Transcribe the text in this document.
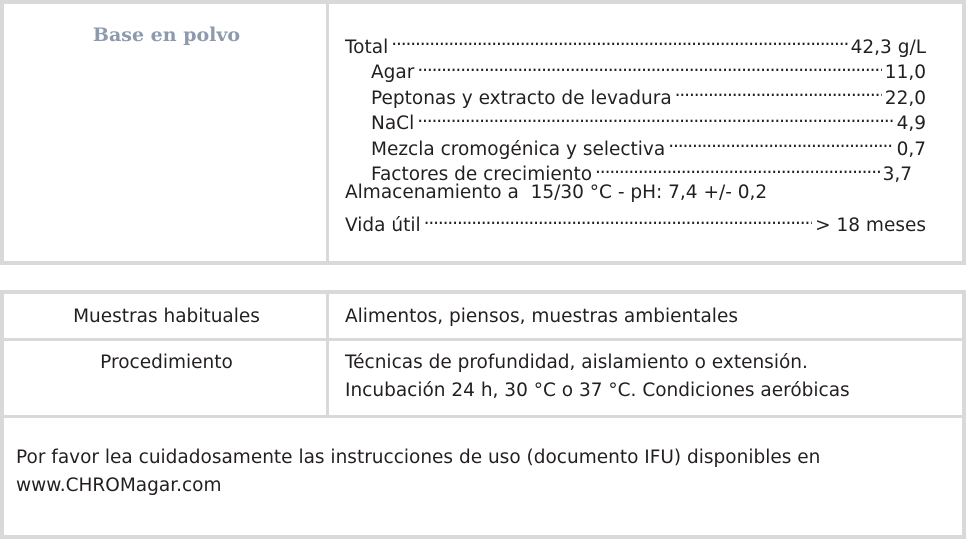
Base en polvo
Total . . .	42,3 g/L
Agar . . .	11,0
Peptonas y extracto de levadura . . .	22,0
NaCl . . .	4,9
Mezcla cromogénica y selectiva . . .	0,7
Factores de crecimiento . . .	3,7
Almacenamiento a  15/30 °C - pH: 7,4 +/- 0,2
Vida útil . . .	> 18 meses
Muestras habituales	Alimentos, piensos, muestras ambientales
Procedimiento	Técnicas de profundidad, aislamiento o extensión.
Incubación 24 h, 30 °C o 37 °C. Condiciones aeróbicas
Por favor lea cuidadosamente las instrucciones de uso (documento IFU) disponibles en
www.CHROMagar.com
